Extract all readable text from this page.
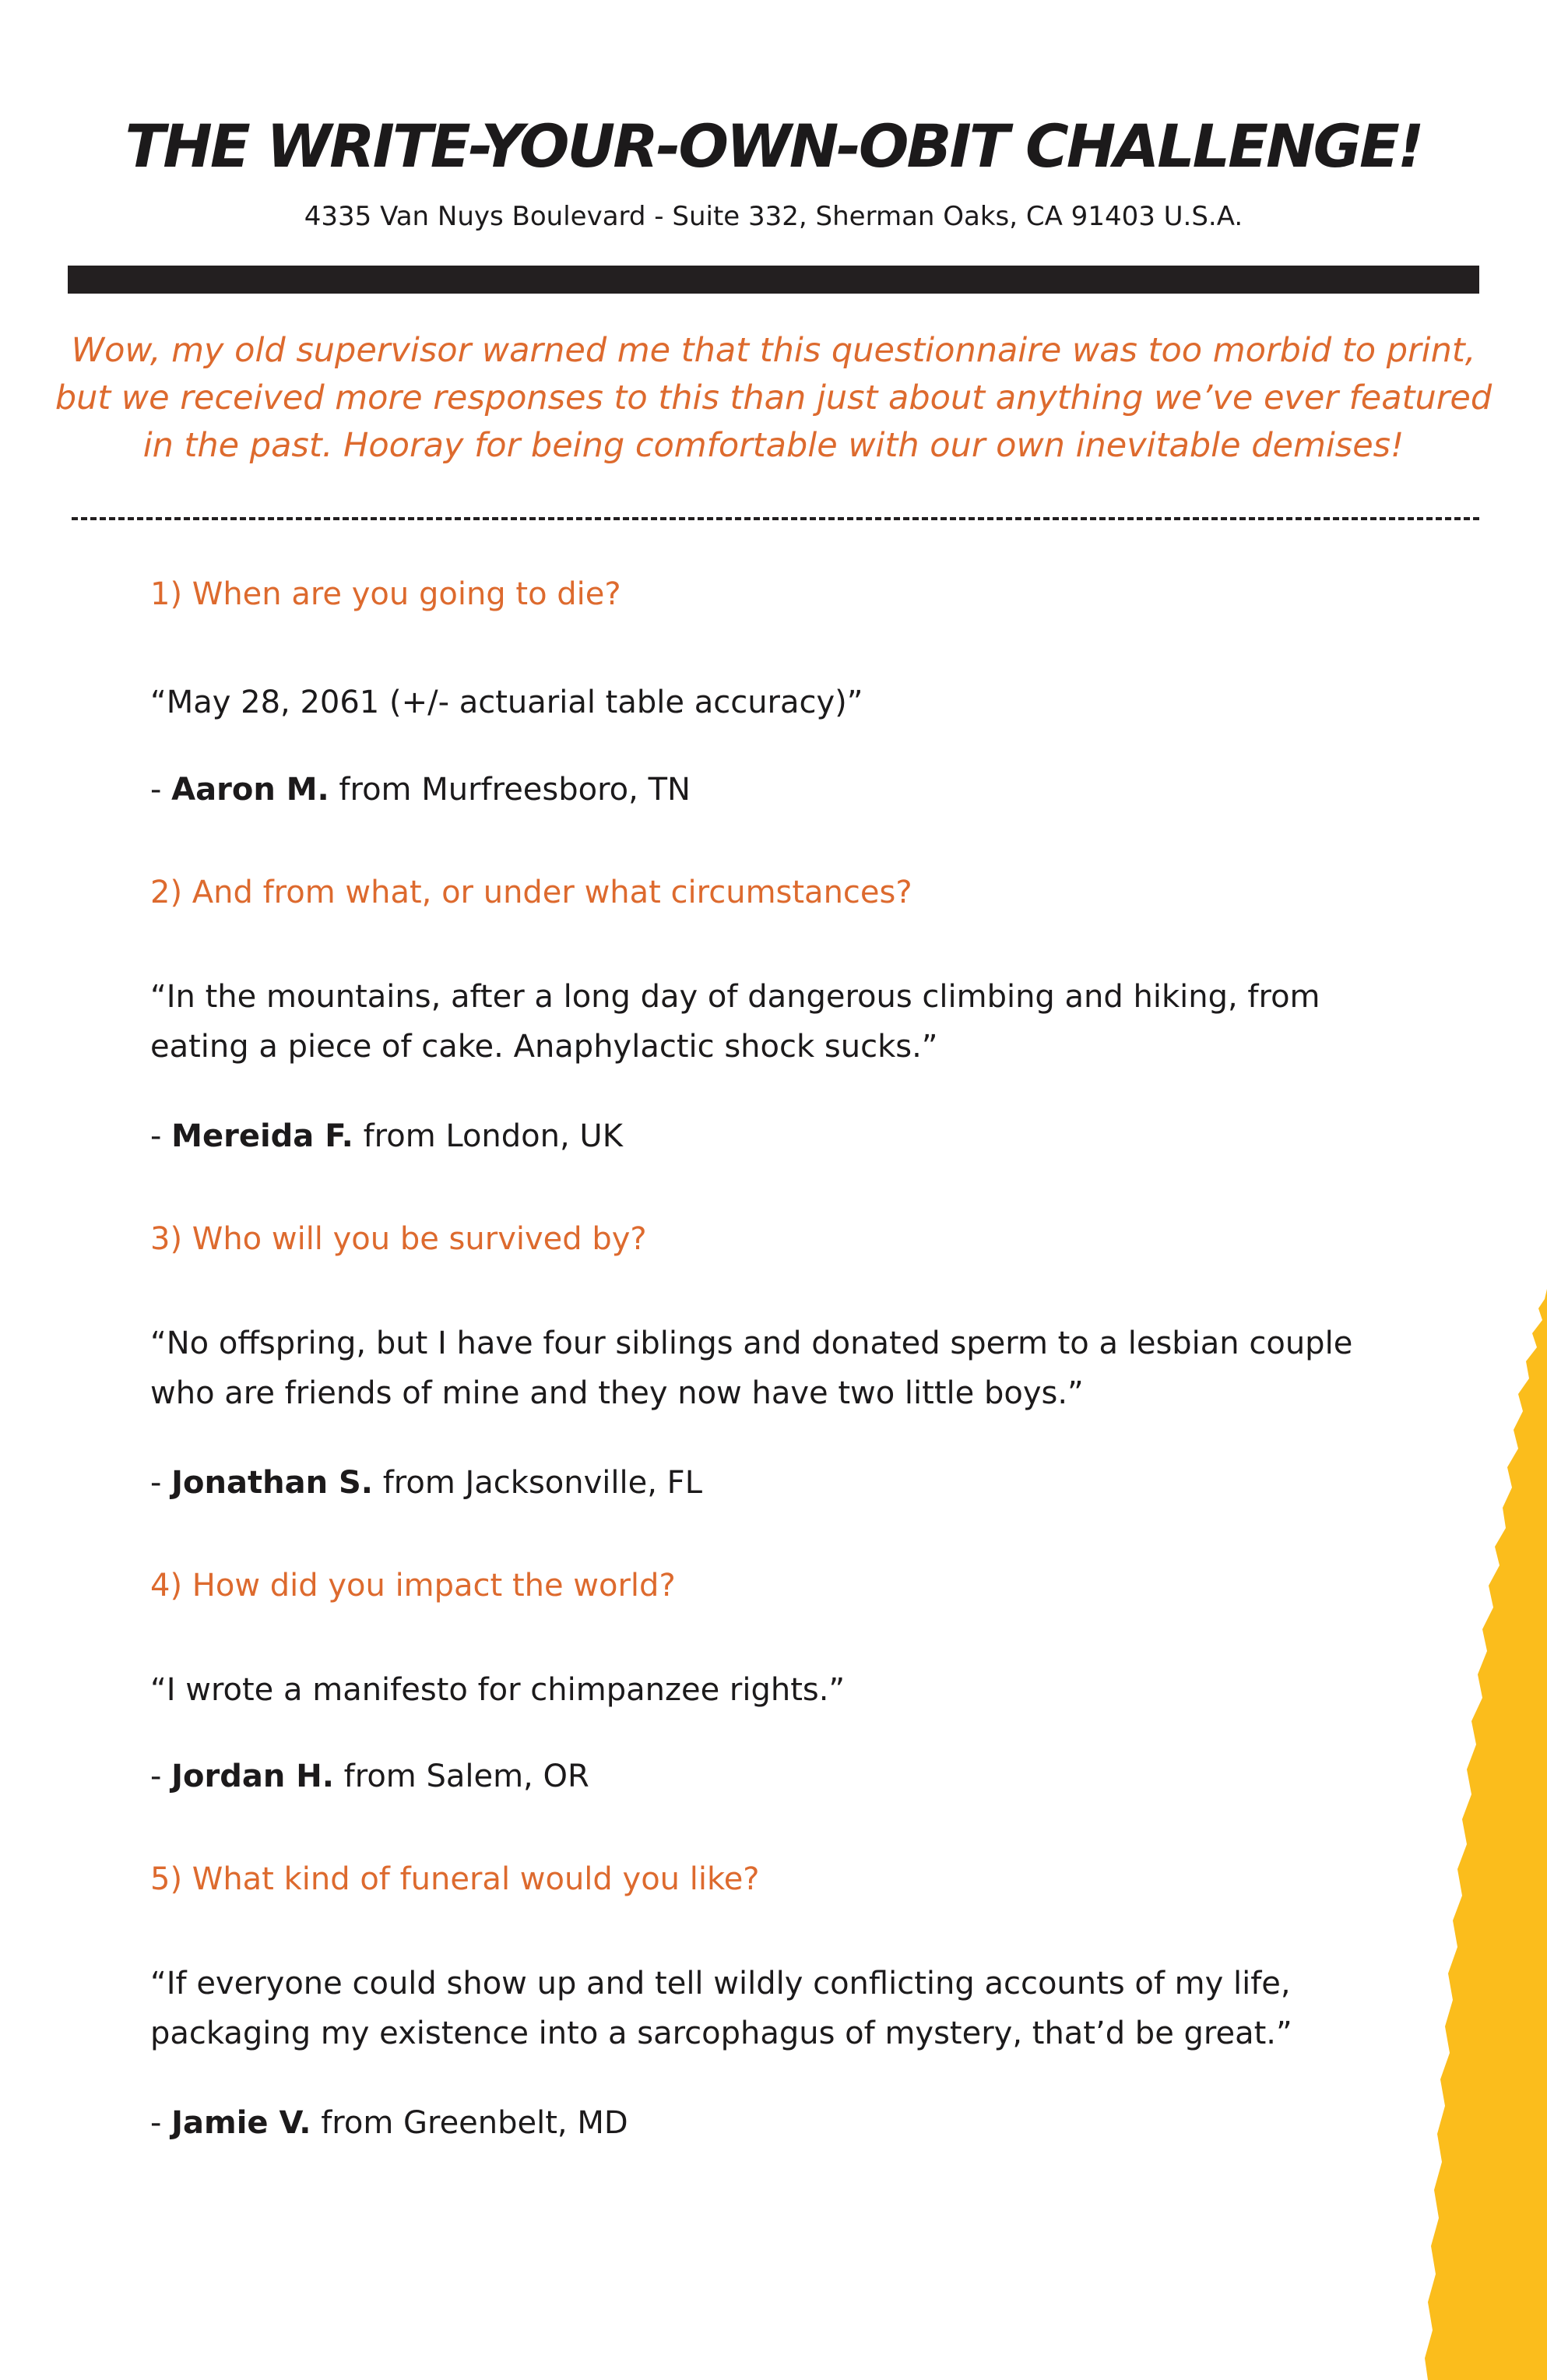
THE WRITE-YOUR-OWN-OBIT CHALLENGE!
4335 Van Nuys Boulevard - Suite 332, Sherman Oaks, CA 91403 U.S.A.
Wow, my old supervisor warned me that this questionnaire was too morbid to print,
but we received more responses to this than just about anything we’ve ever featured
in the past. Hooray for being comfortable with our own inevitable demises!
1) When are you going to die?
“May 28, 2061 (+/- actuarial table accuracy)”
- Aaron M. from Murfreesboro, TN
2) And from what, or under what circumstances?
“In the mountains, after a long day of dangerous climbing and hiking, from
eating a piece of cake. Anaphylactic shock sucks.”
- Mereida F. from London, UK
3) Who will you be survived by?
“No offspring, but I have four siblings and donated sperm to a lesbian couple
who are friends of mine and they now have two little boys.”
- Jonathan S. from Jacksonville, FL
4) How did you impact the world?
“I wrote a manifesto for chimpanzee rights.”
- Jordan H. from Salem, OR
5) What kind of funeral would you like?
“If everyone could show up and tell wildly conflicting accounts of my life,
packaging my existence into a sarcophagus of mystery, that’d be great.”
- Jamie V. from Greenbelt, MD
